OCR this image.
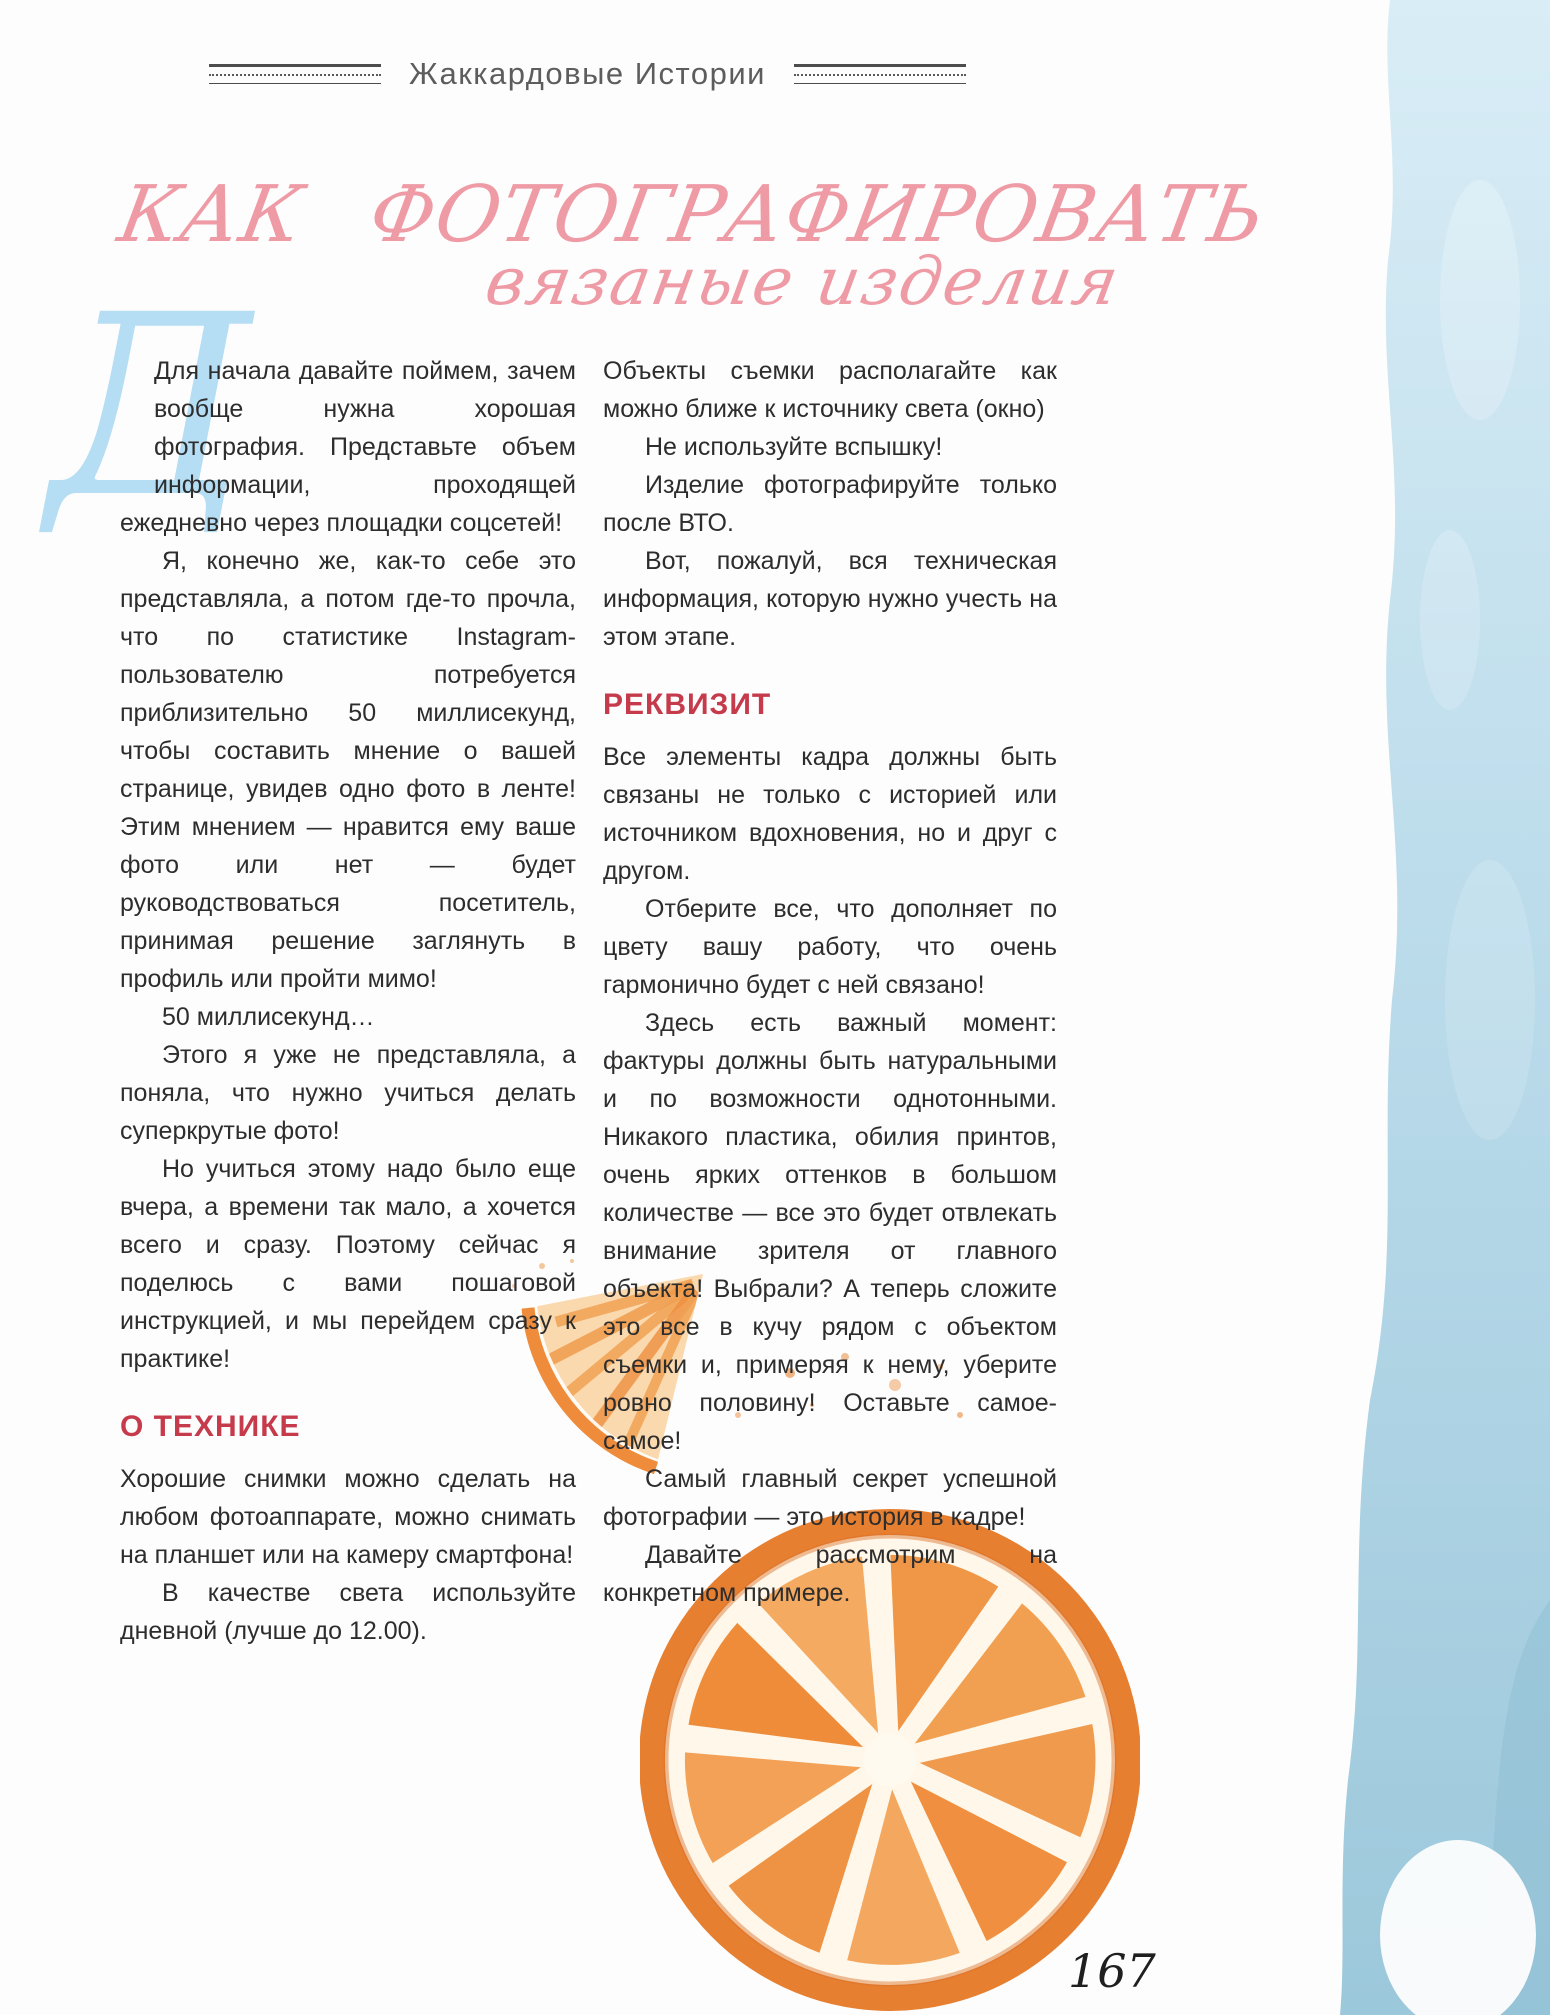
Жаккардовые Истории
КАК ФОТОГРАФИРОВАТЬ
вязаные изделия
Д

Для начала давайте поймем, зачем вообще нужна хорошая фотография. Представьте объем информации, проходящей ежедневно через площадки соцсетей!

Я, конечно же, как-то себе это представляла, а потом где-то прочла, что по статистике Instagram-пользователю потребуется приблизительно 50 миллисекунд, чтобы составить мнение о вашей странице, увидев одно фото в ленте! Этим мнением — нравится ему ваше фото или нет — будет руководствоваться посетитель, принимая решение заглянуть в профиль или пройти мимо!

50 миллисекунд…

Этого я уже не представляла, а поняла, что нужно учиться делать суперкрутые фото!

Но учиться этому надо было еще вчера, а времени так мало, а хочется всего и сразу. Поэтому сейчас я поделюсь с вами пошаговой инструкцией, и мы перейдем сразу к практике!

О ТЕХНИКЕ

Хорошие снимки можно сделать на любом фотоаппарате, можно снимать на планшет или на камеру смартфона!

В качестве света используйте дневной (лучше до 12.00).

Объекты съемки располагайте как можно ближе к источнику света (окно)

Не используйте вспышку!

Изделие фотографируйте только после ВТО.

Вот, пожалуй, вся техническая информация, которую нужно учесть на этом этапе.

РЕКВИЗИТ

Все элементы кадра должны быть связаны не только с историей или источником вдохновения, но и друг с другом.

Отберите все, что дополняет по цвету вашу работу, что очень гармонично будет с ней связано!

Здесь есть важный момент: фактуры должны быть натуральными и по возможности однотонными. Никакого пластика, обилия принтов, очень ярких оттенков в большом количестве — все это будет отвлекать внимание зрителя от главного объекта! Выбрали? А теперь сложите это все в кучу рядом с объектом съемки и, примеряя к нему, уберите ровно половину! Оставьте самое-самое!

Самый главный секрет успешной фотографии — это история в кадре!

Давайте рассмотрим на конкретном примере.

167
